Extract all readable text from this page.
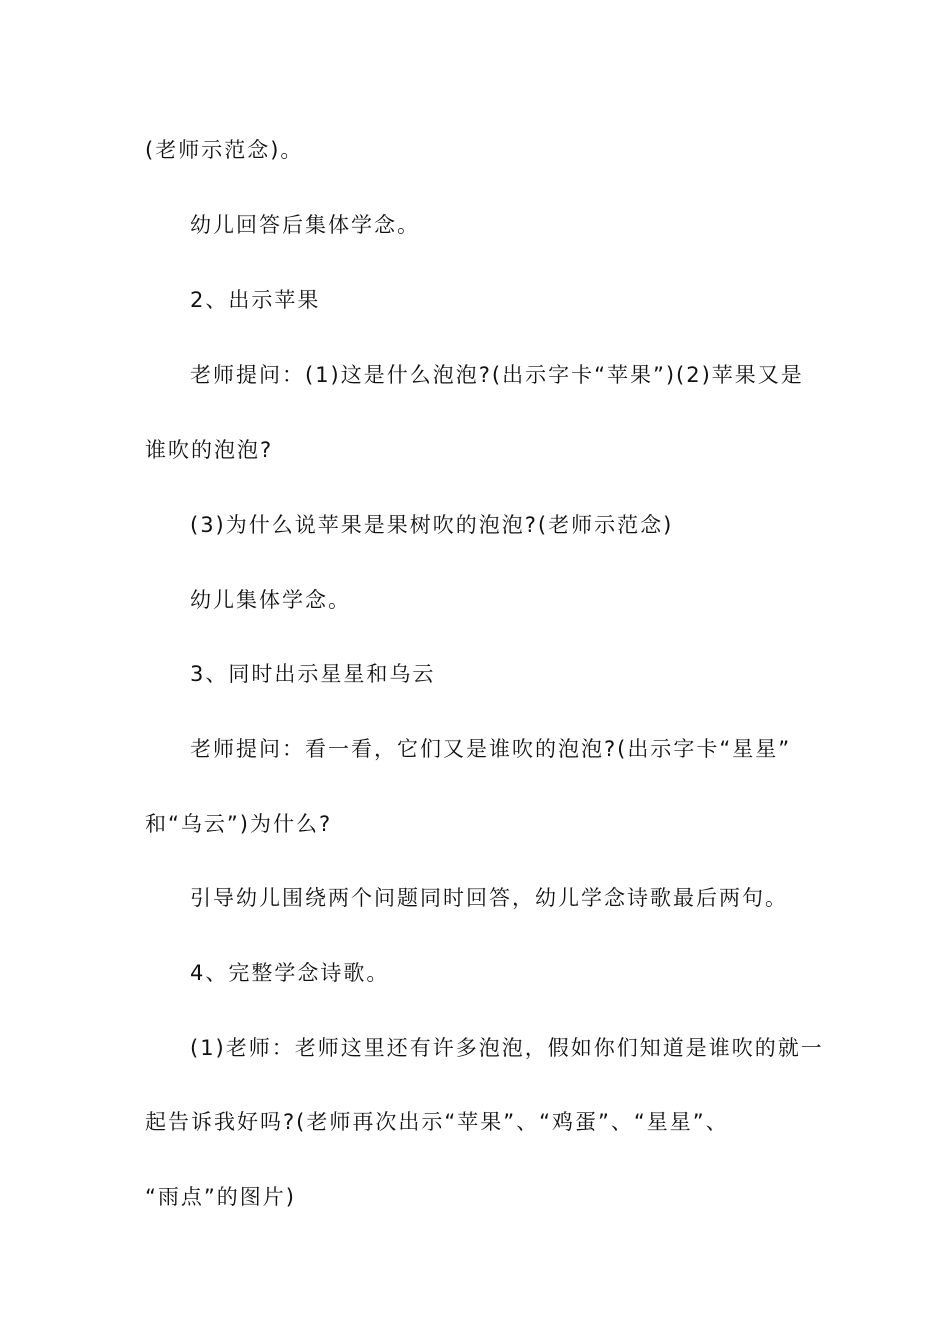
(老师示范念)。
幼儿回答后集体学念。
2、出示苹果
老师提问：(1)这是什么泡泡?(出示字卡“苹果”)(2)苹果又是
谁吹的泡泡?
(3)为什么说苹果是果树吹的泡泡?(老师示范念)
幼儿集体学念。
3、同时出示星星和乌云
老师提问：看一看，它们又是谁吹的泡泡?(出示字卡“星星”
和“乌云”)为什么?
引导幼儿围绕两个问题同时回答，幼儿学念诗歌最后两句。
4、完整学念诗歌。
(1)老师：老师这里还有许多泡泡，假如你们知道是谁吹的就一
起告诉我好吗?(老师再次出示“苹果”、“鸡蛋”、“星星”、
“雨点”的图片)
